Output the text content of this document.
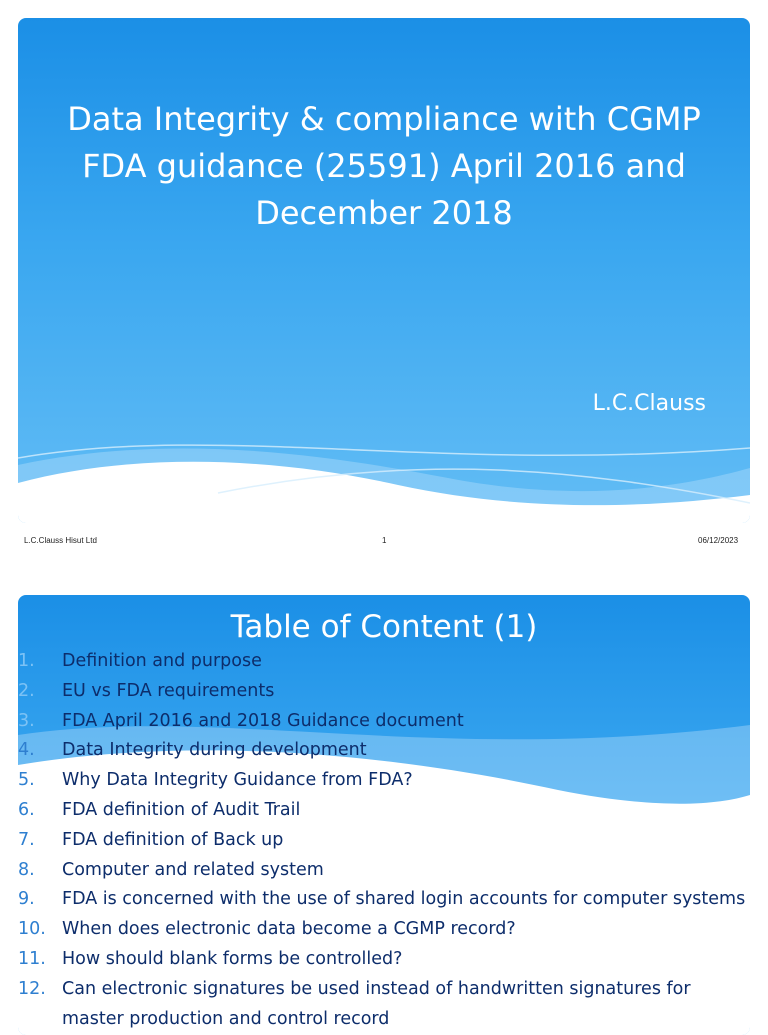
Data Integrity & compliance with CGMP
FDA guidance (25591) April 2016 and
December 2018
L.C.Clauss
L.C.Clauss Hisut Ltd	1	06/12/2023
Table of Content (1)
1.	Definition and purpose
2.	EU vs FDA requirements
3.	FDA April 2016 and 2018 Guidance document
4.	Data Integrity during development
5.	Why Data Integrity Guidance from FDA?
6.	FDA definition of Audit Trail
7.	FDA definition of Back up
8.	Computer and related system
9.	FDA is concerned with the use of shared login accounts for computer systems
10. When does electronic data become a CGMP record?
11. How should blank forms be controlled?
12. Can electronic signatures be used instead of handwritten signatures for master production and control record
